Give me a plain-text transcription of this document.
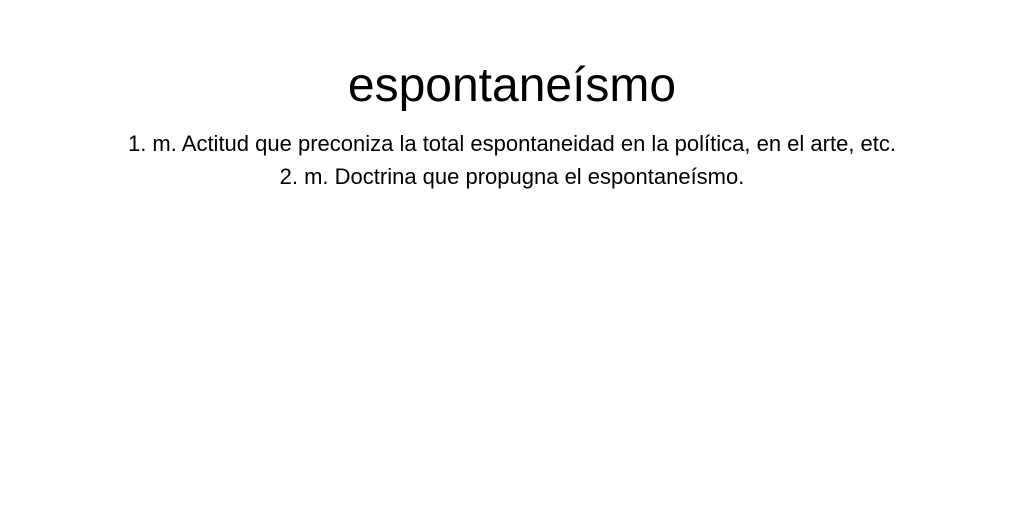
espontaneísmo

1. m. Actitud que preconiza la total espontaneidad en la política, en el arte, etc.

2. m. Doctrina que propugna el espontaneísmo.
